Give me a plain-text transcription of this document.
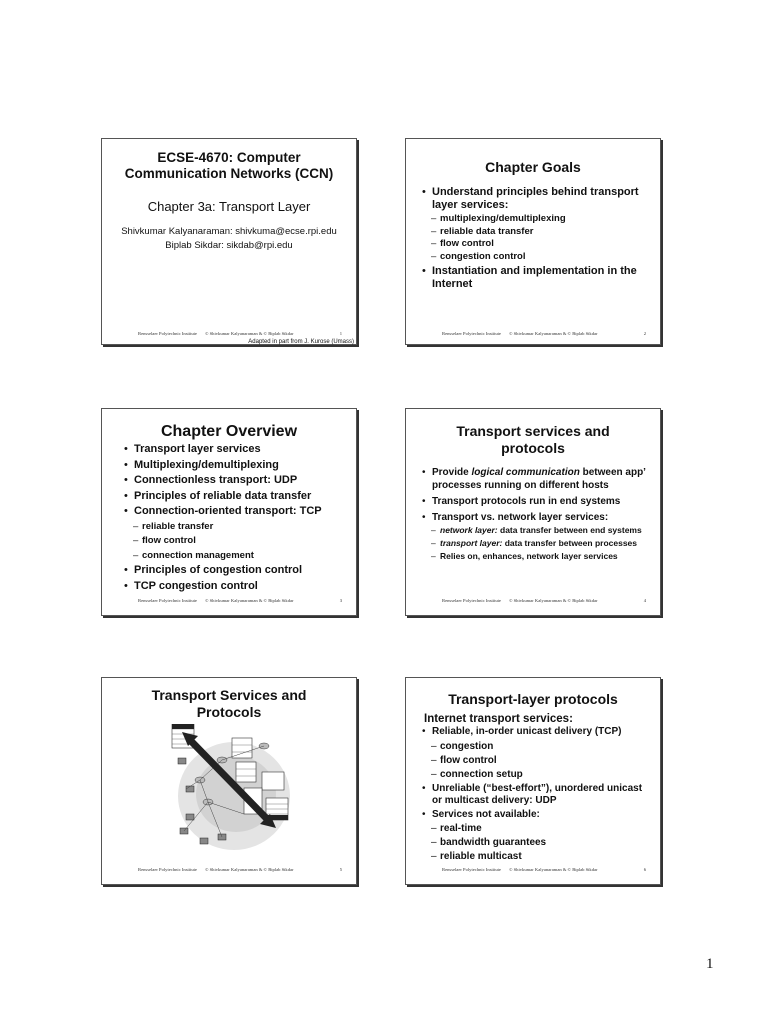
ECSE-4670: Computer Communication Networks (CCN)

Chapter 3a: Transport Layer

Shivkumar Kalyanaraman: shivkuma@ecse.rpi.edu

Biplab Sikdar: sikdab@rpi.edu

Rensselaer Polytechnic Institute © Shivkumar Kalyanaraman & © Biplab Sikdar	1
Adapted in part from J. Kurose (Umass)

Chapter Goals

• Understand principles behind transport layer services:
– multiplexing/demultiplexing
– reliable data transfer
– flow control
– congestion control
• Instantiation and implementation in the Internet
Rensselaer Polytechnic Institute © Shivkumar Kalyanaraman & © Biplab Sikdar	2

Chapter Overview

• Transport layer services
• Multiplexing/demultiplexing
• Connectionless transport: UDP
• Principles of reliable data transfer
• Connection-oriented transport: TCP
– reliable transfer
– flow control
– connection management
• Principles of congestion control
• TCP congestion control
Rensselaer Polytechnic Institute © Shivkumar Kalyanaraman & © Biplab Sikdar	3

Transport services and protocols

• Provide logical communication between app’ processes running on different hosts
• Transport protocols run in end systems
• Transport vs. network layer services:
– network layer: data transfer between end systems
– transport layer: data transfer between processes
– Relies on, enhances, network layer services
Rensselaer Polytechnic Institute © Shivkumar Kalyanaraman & © Biplab Sikdar	4

Transport Services and Protocols

Rensselaer Polytechnic Institute © Shivkumar Kalyanaraman & © Biplab Sikdar	5

Transport-layer protocols

Internet transport services:

• Reliable, in-order unicast delivery (TCP)
– congestion
– flow control
– connection setup
• Unreliable (“best-effort”), unordered unicast or multicast delivery: UDP
• Services not available:
– real-time
– bandwidth guarantees
– reliable multicast
Rensselaer Polytechnic Institute © Shivkumar Kalyanaraman & © Biplab Sikdar	6
1
